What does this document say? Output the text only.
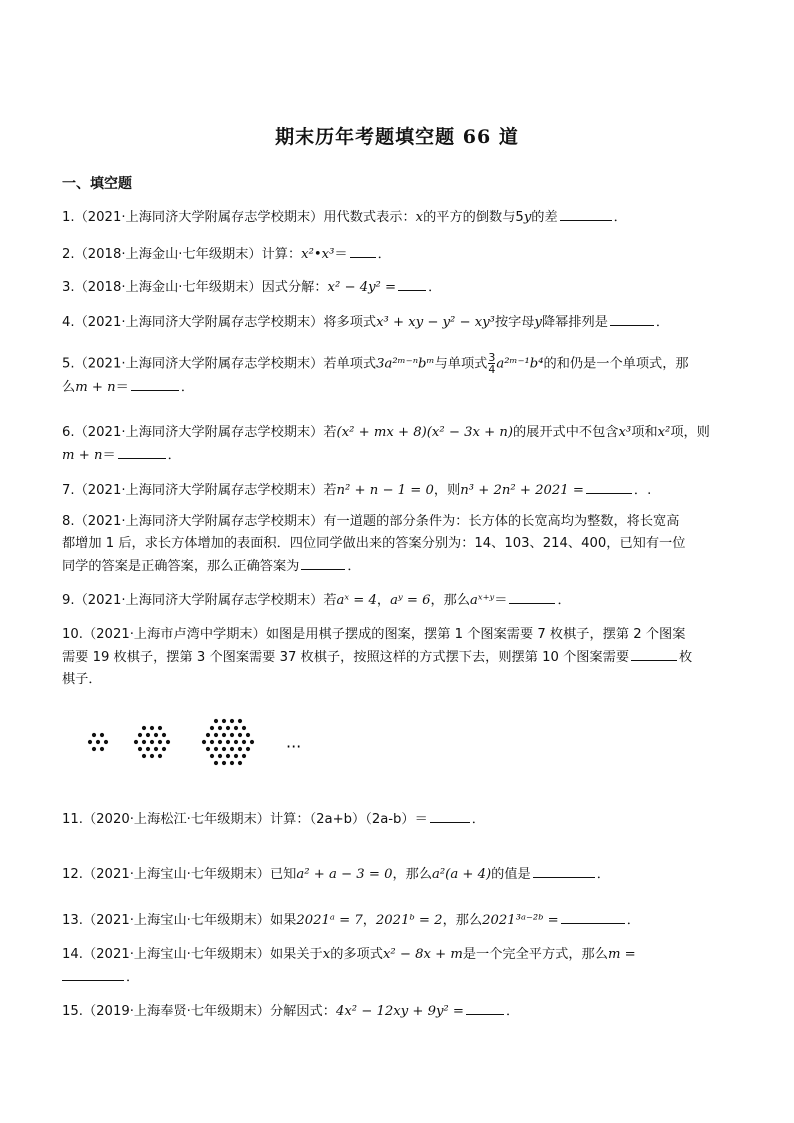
期末历年考题填空题 66 道
一、填空题
1.（2021·上海同济大学附属存志学校期末）用代数式表示：x的平方的倒数与5y的差	．
2.（2018·上海金山·七年级期末）计算：x²•x³＝ ．
3.（2018·上海金山·七年级期末）因式分解：x² − 4y² = ．
4.（2021·上海同济大学附属存志学校期末）将多项式x³ + xy − y² − xy³按字母y降幂排列是	．
5.（2021·上海同济大学附属存志学校期末）若单项式3a²ᵐ⁻ⁿbᵐ与单项式 $\frac{3}{4}$ a²ᵐ⁻¹b⁴的和仍是一个单项式，那
么m + n＝	．
6.（2021·上海同济大学附属存志学校期末）若(x² + mx + 8)(x² − 3x + n)的展开式中不包含x³项和x²项，则
m + n＝	．
7.（2021·上海同济大学附属存志学校期末）若n² + n − 1 = 0，则n³ + 2n² + 2021 =	．.
8.（2021·上海同济大学附属存志学校期末）有一道题的部分条件为：长方体的长宽高均为整数，将长宽高
都增加 1 后，求长方体增加的表面积．四位同学做出来的答案分别为：14、103、214、400，已知有一位
同学的答案是正确答案，那么正确答案为	．
9.（2021·上海同济大学附属存志学校期末）若aˣ = 4，aʸ = 6，那么aˣ⁺ʸ＝	．
10.（2021·上海市卢湾中学期末）如图是用棋子摆成的图案，摆第 1 个图案需要 7 枚棋子，摆第 2 个图案
需要 19 枚棋子，摆第 3 个图案需要 37 枚棋子，按照这样的方式摆下去，则摆第 10 个图案需要	枚
棋子．
···
11.（2020·上海松江·七年级期末）计算：（2a+b）（2a-b）＝	．
12.（2021·上海宝山·七年级期末）已知a² + a − 3 = 0，那么a²(a + 4)的值是	．
13.（2021·上海宝山·七年级期末）如果2021ᵃ = 7，2021ᵇ = 2，那么2021³ᵃ⁻²ᵇ =	．
14.（2021·上海宝山·七年级期末）如果关于x的多项式x² − 8x + m是一个完全平方式，那么m =
．
15.（2019·上海奉贤·七年级期末）分解因式：4x² − 12xy + 9y² =	．
